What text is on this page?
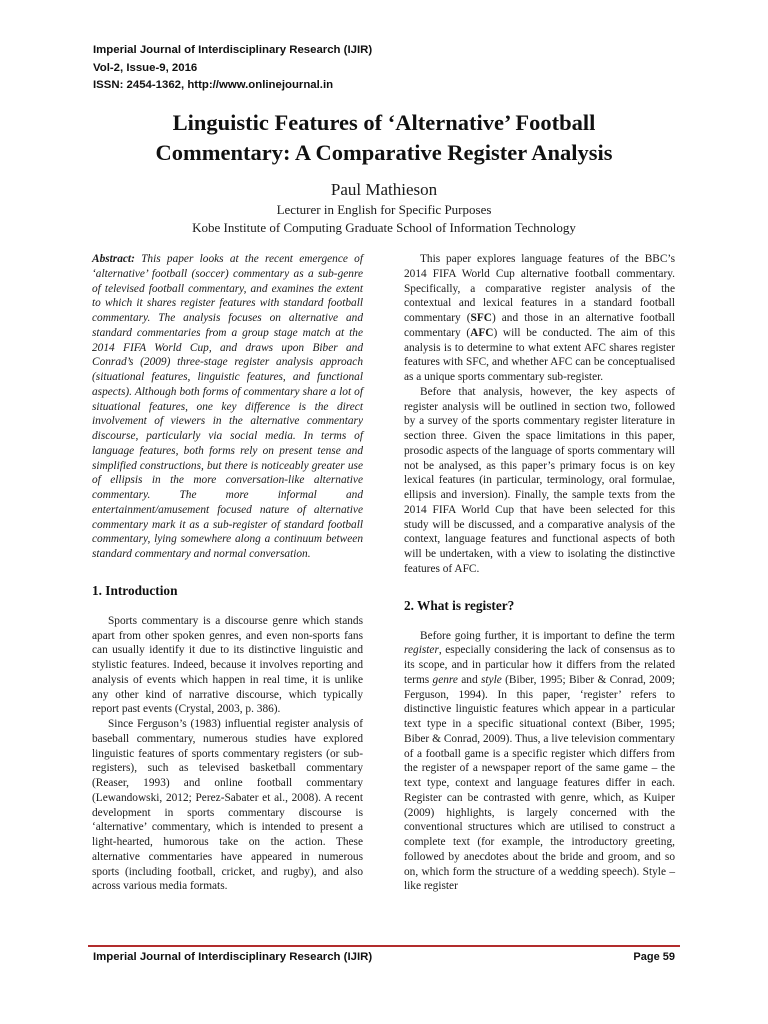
Imperial Journal of Interdisciplinary Research (IJIR)
Vol-2, Issue-9, 2016
ISSN: 2454-1362, http://www.onlinejournal.in
Linguistic Features of ‘Alternative’ Football
Commentary: A Comparative Register Analysis
Paul Mathieson
Lecturer in English for Specific Purposes
Kobe Institute of Computing Graduate School of Information Technology

Abstract: This paper looks at the recent emergence of ‘alternative’ football (soccer) commentary as a sub-genre of televised football commentary, and examines the extent to which it shares register features with standard football commentary. The analysis focuses on alternative and standard commentaries from a group stage match at the 2014 FIFA World Cup, and draws upon Biber and Conrad’s (2009) three-stage register analysis approach (situational features, linguistic features, and functional aspects). Although both forms of commentary share a lot of situational features, one key difference is the direct involvement of viewers in the alternative commentary discourse, particularly via social media. In terms of language features, both forms rely on present tense and simplified constructions, but there is noticeably greater use of ellipsis in the more conversation-like alternative commentary. The more informal and entertainment/amusement focused nature of alternative commentary mark it as a sub-register of standard football commentary, lying somewhere along a continuum between standard commentary and normal conversation.

1. Introduction

Sports commentary is a discourse genre which stands apart from other spoken genres, and even non-sports fans can usually identify it due to its distinctive linguistic and stylistic features. Indeed, because it involves reporting and analysis of events which happen in real time, it is unlike any other kind of narrative discourse, which typically report past events (Crystal, 2003, p. 386).

Since Ferguson’s (1983) influential register analysis of baseball commentary, numerous studies have explored linguistic features of sports commentary registers (or sub-registers), such as televised basketball commentary (Reaser, 1993) and online football commentary (Lewandowski, 2012; Perez-Sabater et al., 2008). A recent development in sports commentary discourse is ‘alternative’ commentary, which is intended to present a light-hearted, humorous take on the action. These alternative commentaries have appeared in numerous sports (including football, cricket, and rugby), and also across various media formats.

This paper explores language features of the BBC’s 2014 FIFA World Cup alternative football commentary. Specifically, a comparative register analysis of the contextual and lexical features in a standard football commentary (SFC) and those in an alternative football commentary (AFC) will be conducted. The aim of this analysis is to determine to what extent AFC shares register features with SFC, and whether AFC can be conceptualised as a unique sports commentary sub-register.

Before that analysis, however, the key aspects of register analysis will be outlined in section two, followed by a survey of the sports commentary register literature in section three. Given the space limitations in this paper, prosodic aspects of the language of sports commentary will not be analysed, as this paper’s primary focus is on key lexical features (in particular, terminology, oral formulae, ellipsis and inversion). Finally, the sample texts from the 2014 FIFA World Cup that have been selected for this study will be discussed, and a comparative analysis of the context, language features and functional aspects of both will be undertaken, with a view to isolating the distinctive features of AFC.

2. What is register?

Before going further, it is important to define the term register, especially considering the lack of consensus as to its scope, and in particular how it differs from the related terms genre and style (Biber, 1995; Biber & Conrad, 2009; Ferguson, 1994). In this paper, ‘register’ refers to distinctive linguistic features which appear in a particular text type in a specific situational context (Biber, 1995; Biber & Conrad, 2009). Thus, a live television commentary of a football game is a specific register which differs from the register of a newspaper report of the same game – the text type, context and language features differ in each. Register can be contrasted with genre, which, as Kuiper (2009) highlights, is largely concerned with the conventional structures which are utilised to construct a complete text (for example, the introductory greeting, followed by anecdotes about the bride and groom, and so on, which form the structure of a wedding speech). Style – like register

Imperial Journal of Interdisciplinary Research (IJIR)	Page 59
